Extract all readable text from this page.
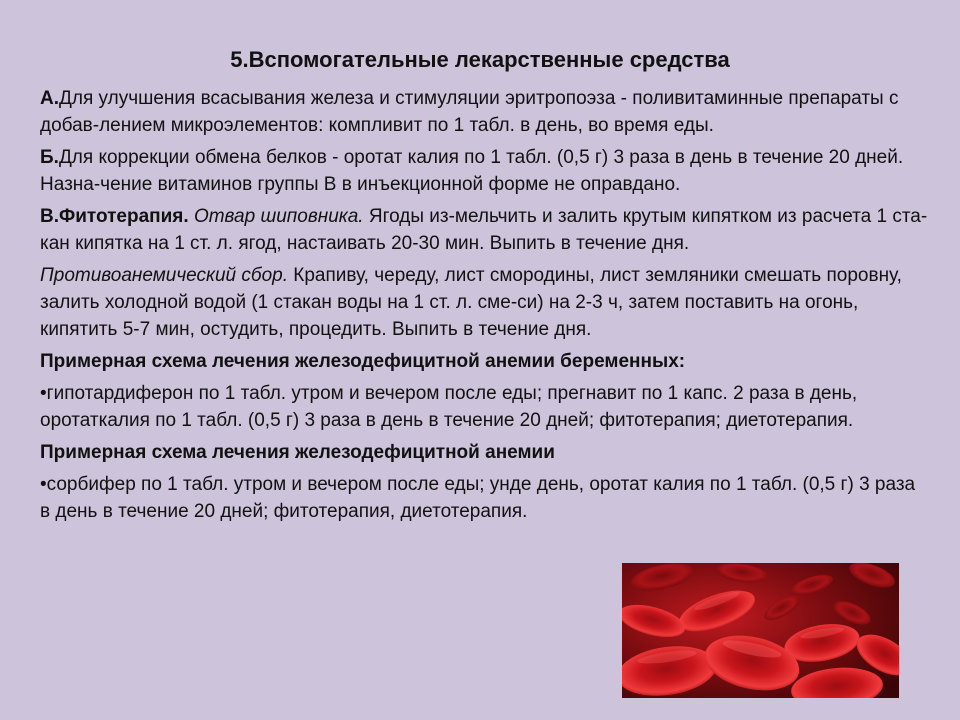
5.Вспомогательные лекарственные средства

А.Для улучшения всасывания железа и стимуляции эритропоэза - поливитаминные препараты с добав-лением микроэлементов: компливит по 1 табл. в день, во время еды.

Б.Для коррекции обмена белков - оротат калия по 1 табл. (0,5 г) 3 раза в день в течение 20 дней. Назна-чение витаминов группы В в инъекционной форме не оправдано.

В.Фитотерапия. Отвар шиповника. Ягоды из-мельчить и залить крутым кипятком из расчета 1 ста-кан кипятка на 1 ст. л. ягод, настаивать 20-30 мин. Выпить в течение дня.

Противоанемический сбор. Крапиву, череду, лист смородины, лист земляники смешать поровну, залить холодной водой (1 стакан воды на 1 ст. л. сме-си) на 2-3 ч, затем поставить на огонь, кипятить 5-7 мин, остудить, процедить. Выпить в течение дня.

Примерная схема лечения железодефицитной анемии беременных:

•гипотардиферон по 1 табл. утром и вечером после еды; прегнавит по 1 капс. 2 раза в день, оротаткалия по 1 табл. (0,5 г) 3 раза в день в течение 20 дней; фитотерапия; диетотерапия.

Примерная схема лечения железодефицитной анемии

•сорбифер по 1 табл. утром и вечером после еды; унде день, оротат калия по 1 табл. (0,5 г) 3 раза в день в течение 20 дней; фитотерапия, диетотерапия.
